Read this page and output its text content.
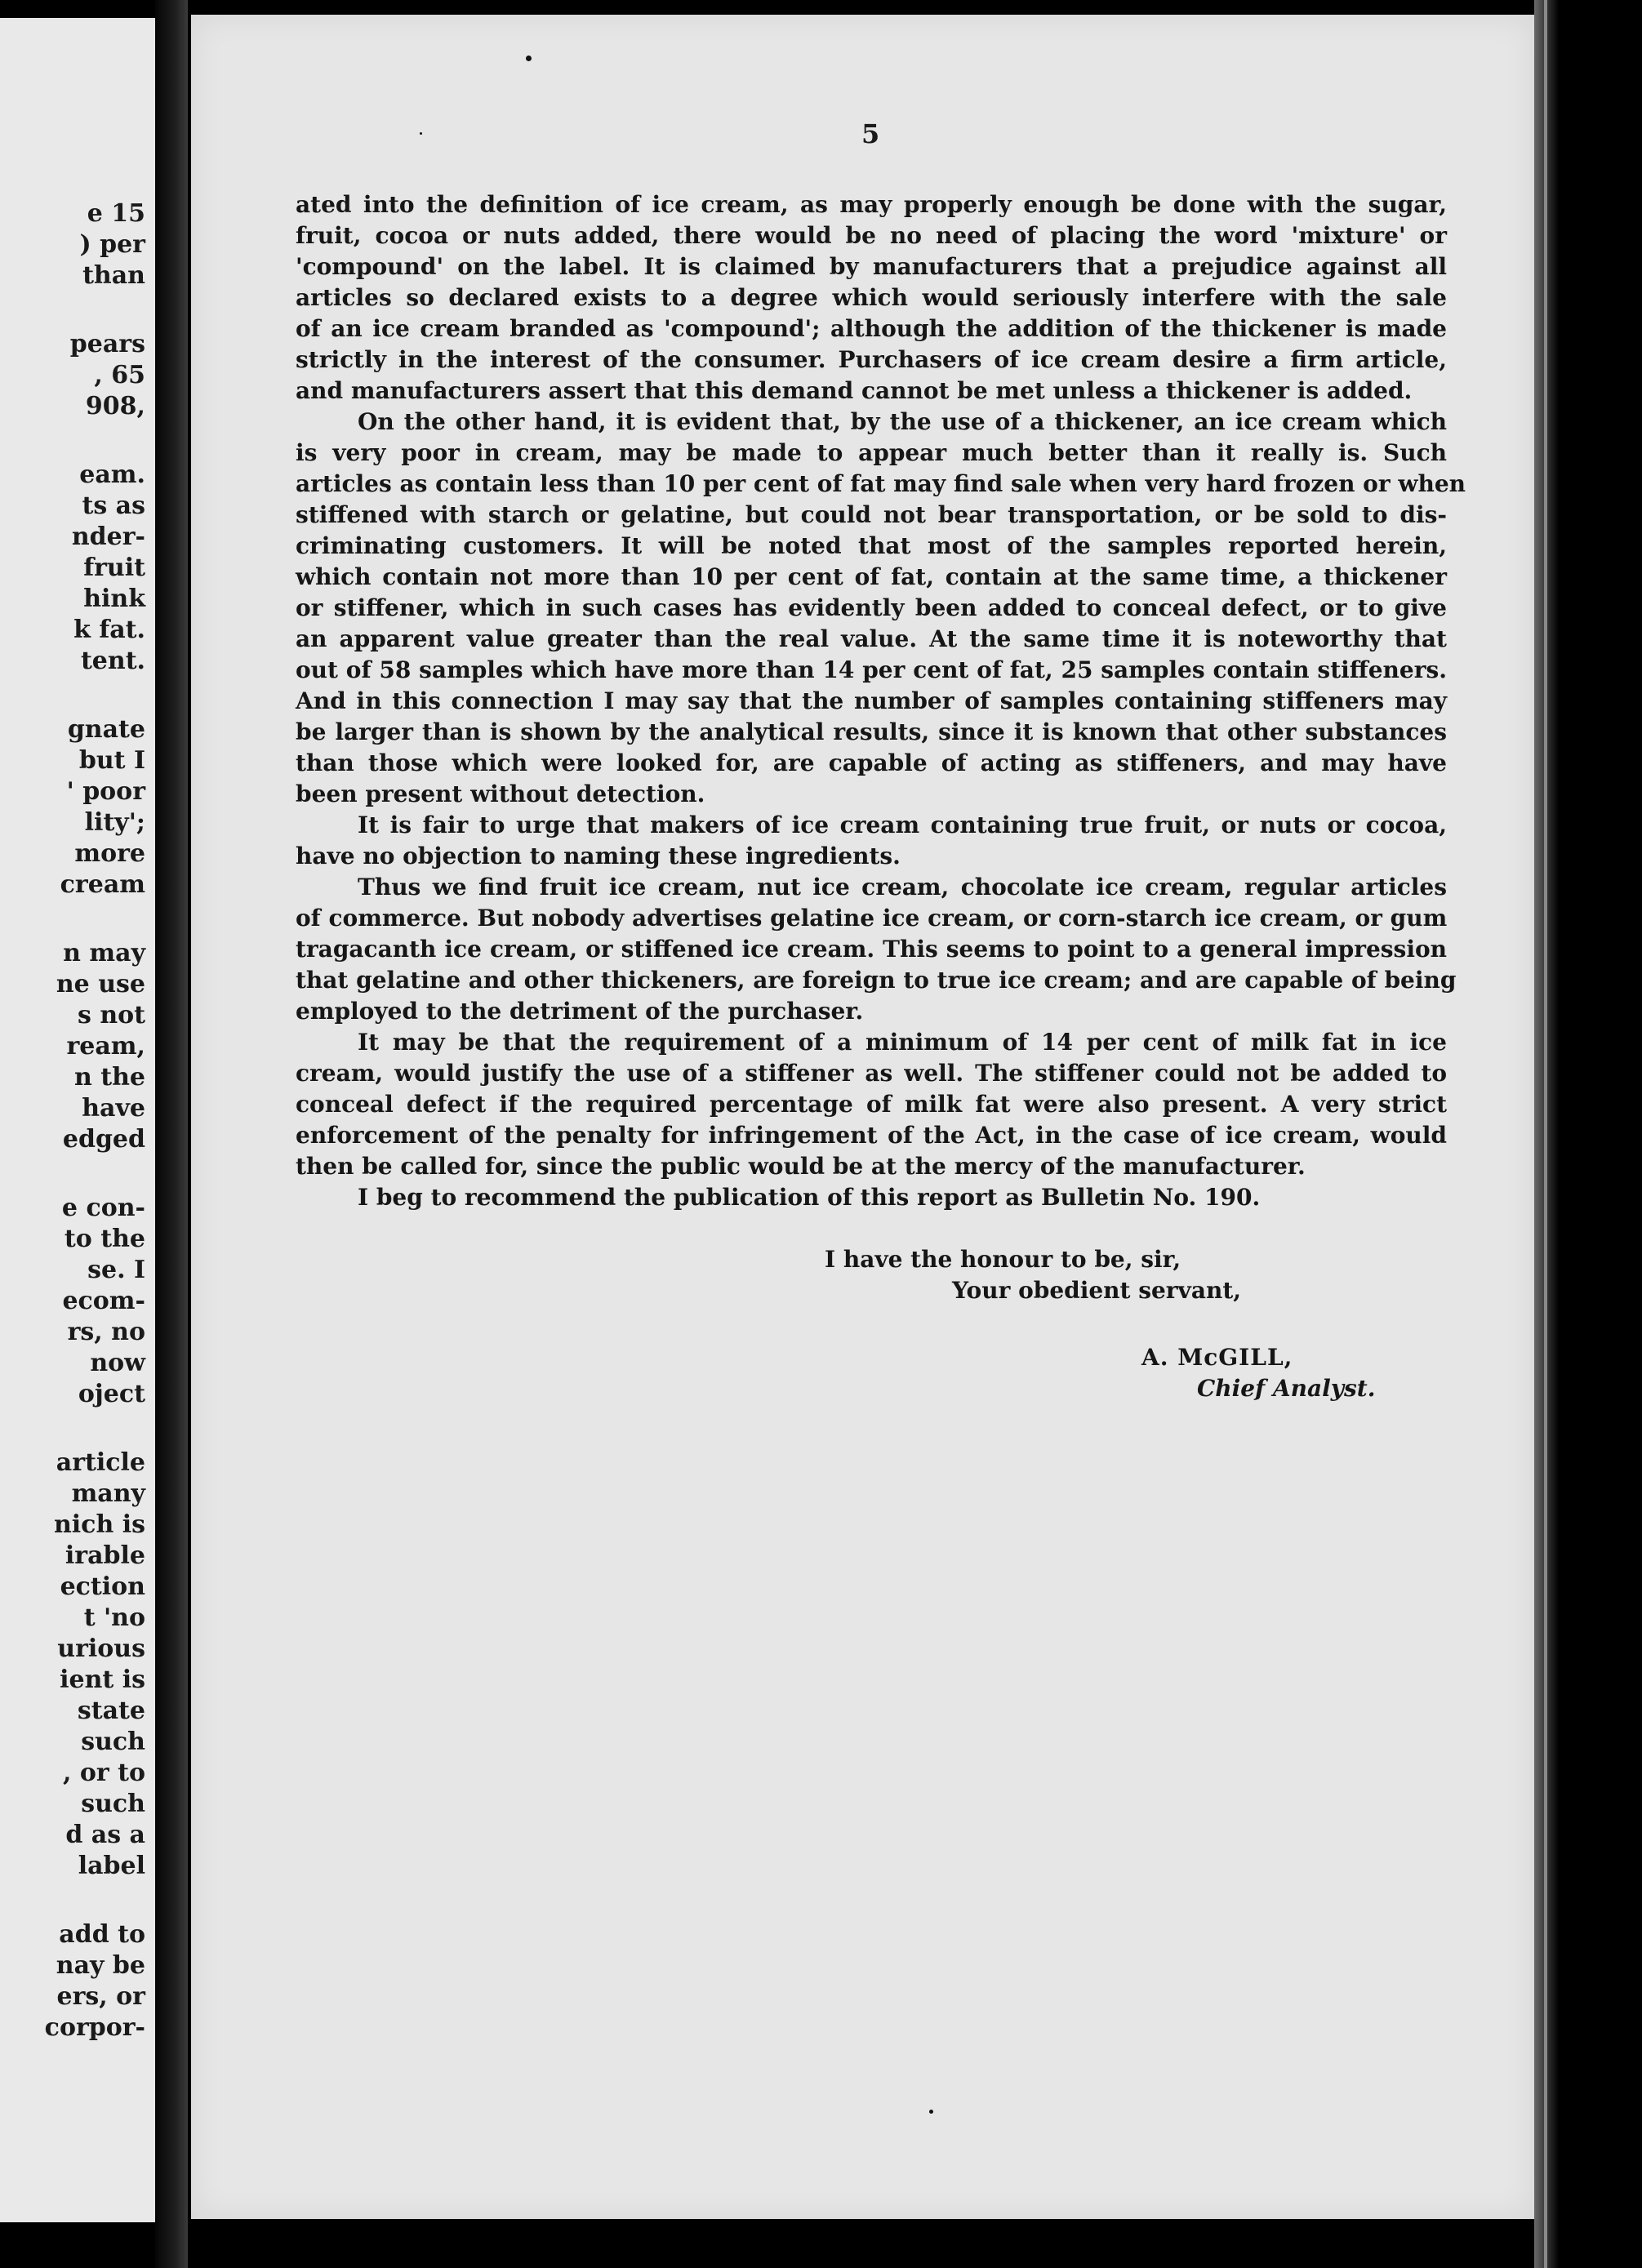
e 15
) per
than
pears
, 65
908,
eam.
ts as
nder-
fruit
hink
k fat.
tent.
gnate
but I
' poor
lity';
more
cream
n may
ne use
s not
ream,
n the
have
edged
e con-
to the
se. I
ecom-
rs, no
now
oject
article
many
nich is
irable
ection
t 'no
urious
ient is
state
such
, or to
such
d as a
label
add to
nay be
ers, or
corpor-
5
ated into the definition of ice cream, as may properly enough be done with the sugar,
fruit, cocoa or nuts added, there would be no need of placing the word 'mixture' or
'compound' on the label. It is claimed by manufacturers that a prejudice against all
articles so declared exists to a degree which would seriously interfere with the sale
of an ice cream branded as 'compound'; although the addition of the thickener is made
strictly in the interest of the consumer. Purchasers of ice cream desire a firm article,
and manufacturers assert that this demand cannot be met unless a thickener is added.
On the other hand, it is evident that, by the use of a thickener, an ice cream which
is very poor in cream, may be made to appear much better than it really is. Such
articles as contain less than 10 per cent of fat may find sale when very hard frozen or when
stiffened with starch or gelatine, but could not bear transportation, or be sold to dis-
criminating customers. It will be noted that most of the samples reported herein,
which contain not more than 10 per cent of fat, contain at the same time, a thickener
or stiffener, which in such cases has evidently been added to conceal defect, or to give
an apparent value greater than the real value. At the same time it is noteworthy that
out of 58 samples which have more than 14 per cent of fat, 25 samples contain stiffeners.
And in this connection I may say that the number of samples containing stiffeners may
be larger than is shown by the analytical results, since it is known that other substances
than those which were looked for, are capable of acting as stiffeners, and may have
been present without detection.
It is fair to urge that makers of ice cream containing true fruit, or nuts or cocoa,
have no objection to naming these ingredients.
Thus we find fruit ice cream, nut ice cream, chocolate ice cream, regular articles
of commerce. But nobody advertises gelatine ice cream, or corn-starch ice cream, or gum
tragacanth ice cream, or stiffened ice cream. This seems to point to a general impression
that gelatine and other thickeners, are foreign to true ice cream; and are capable of being
employed to the detriment of the purchaser.
It may be that the requirement of a minimum of 14 per cent of milk fat in ice
cream, would justify the use of a stiffener as well. The stiffener could not be added to
conceal defect if the required percentage of milk fat were also present. A very strict
enforcement of the penalty for infringement of the Act, in the case of ice cream, would
then be called for, since the public would be at the mercy of the manufacturer.
I beg to recommend the publication of this report as Bulletin No. 190.
I have the honour to be, sir,
Your obedient servant,
A. McGILL,
Chief Analyst.
